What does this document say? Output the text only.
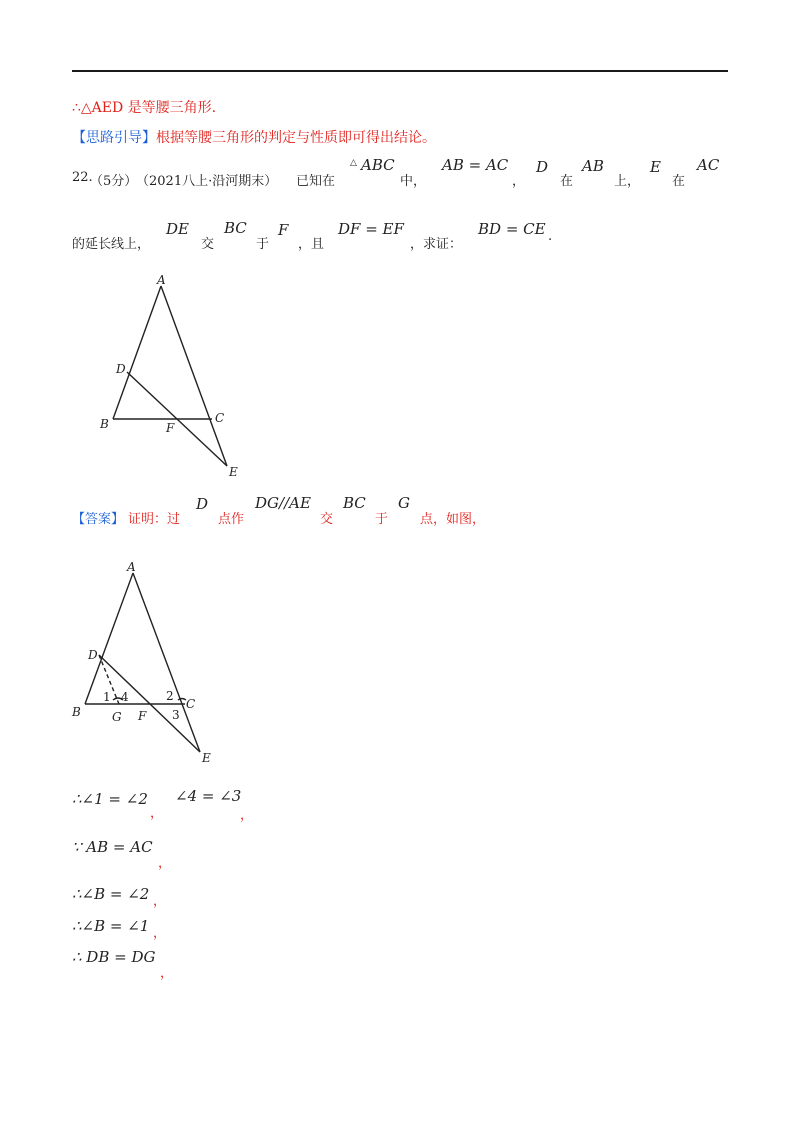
∴△AED 是等腰三角形.
【思路引导】根据等腰三角形的判定与性质即可得出结论。
22.
（5分）
（2021八上·沿河期末） 已知在
△ ABC
中，
AB = AC
，
D
在
AB
上，
E
在
AC
的延长线上，
DE
交
BC
于
F
，且
DF = EF
，求证：
BD = CE .
A
D
B	F
C
E
【答案】 证明：过
D
点作
DG//AE
交
BC
于
G
点，如图，
A
D
1 4	2
C
B	G F 3
E
∴∠1 = ∠2
，
∠4 = ∠3
，
∵ AB = AC
，
∴∠B = ∠2 ，
∴∠B = ∠1 ，
∴ DB = DG
，
